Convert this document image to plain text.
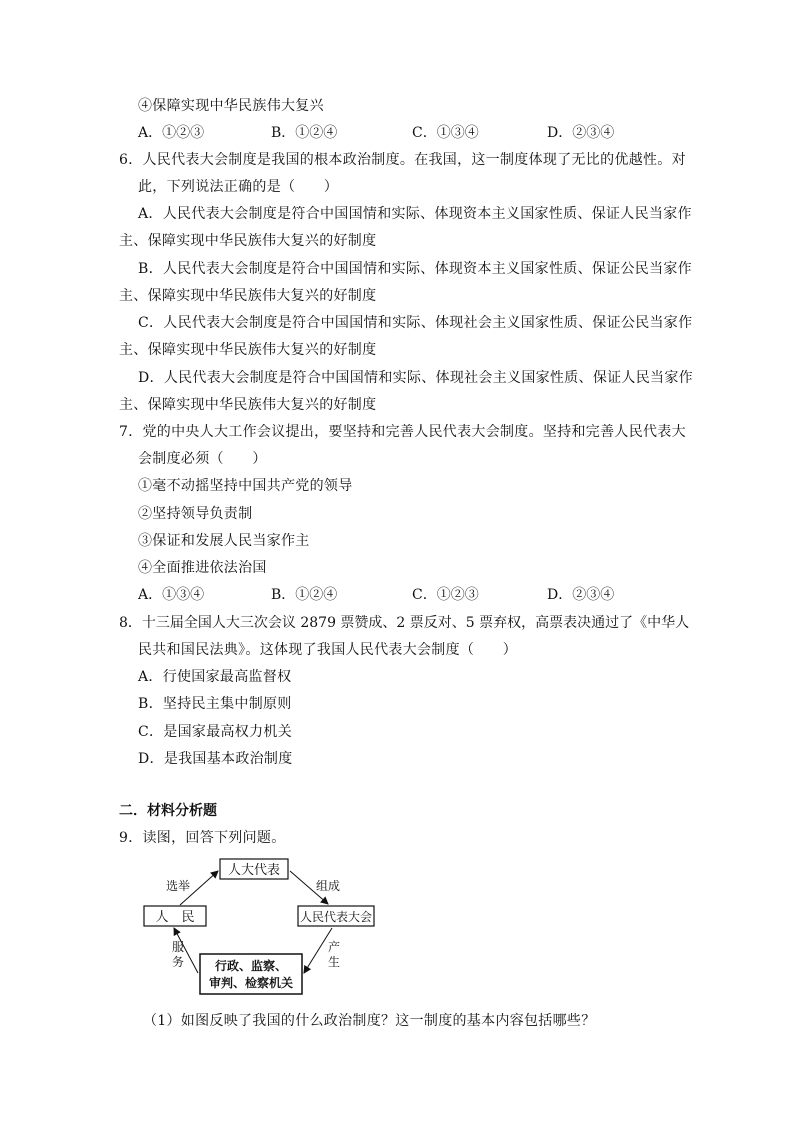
④保障实现中华民族伟大复兴
A．①②③	B．①②④	C．①③④	D．②③④
6．人民代表大会制度是我国的根本政治制度。在我国，这一制度体现了无比的优越性。对
此，下列说法正确的是（　　）
A．人民代表大会制度是符合中国国情和实际、体现资本主义国家性质、保证人民当家作
主、保障实现中华民族伟大复兴的好制度
B．人民代表大会制度是符合中国国情和实际、体现资本主义国家性质、保证公民当家作
主、保障实现中华民族伟大复兴的好制度
C．人民代表大会制度是符合中国国情和实际、体现社会主义国家性质、保证公民当家作
主、保障实现中华民族伟大复兴的好制度
D．人民代表大会制度是符合中国国情和实际、体现社会主义国家性质、保证人民当家作
主、保障实现中华民族伟大复兴的好制度
7．党的中央人大工作会议提出，要坚持和完善人民代表大会制度。坚持和完善人民代表大
会制度必须（　　）
①毫不动摇坚持中国共产党的领导
②坚持领导负责制
③保证和发展人民当家作主
④全面推进依法治国
A．①③④	B．①②④	C．①②③	D．②③④
8．十三届全国人大三次会议 2879 票赞成、2 票反对、5 票弃权，高票表决通过了《中华人
民共和国民法典》。这体现了我国人民代表大会制度（　　）
A．行使国家最高监督权
B．坚持民主集中制原则
C．是国家最高权力机关
D．是我国基本政治制度
二．材料分析题
9．读图，回答下列问题。
人大代表
人　民	人民代表大会
行政、监察、
审判、检察机关
选举	组成
产
生
服
务
（1）如图反映了我国的什么政治制度？这一制度的基本内容包括哪些？
